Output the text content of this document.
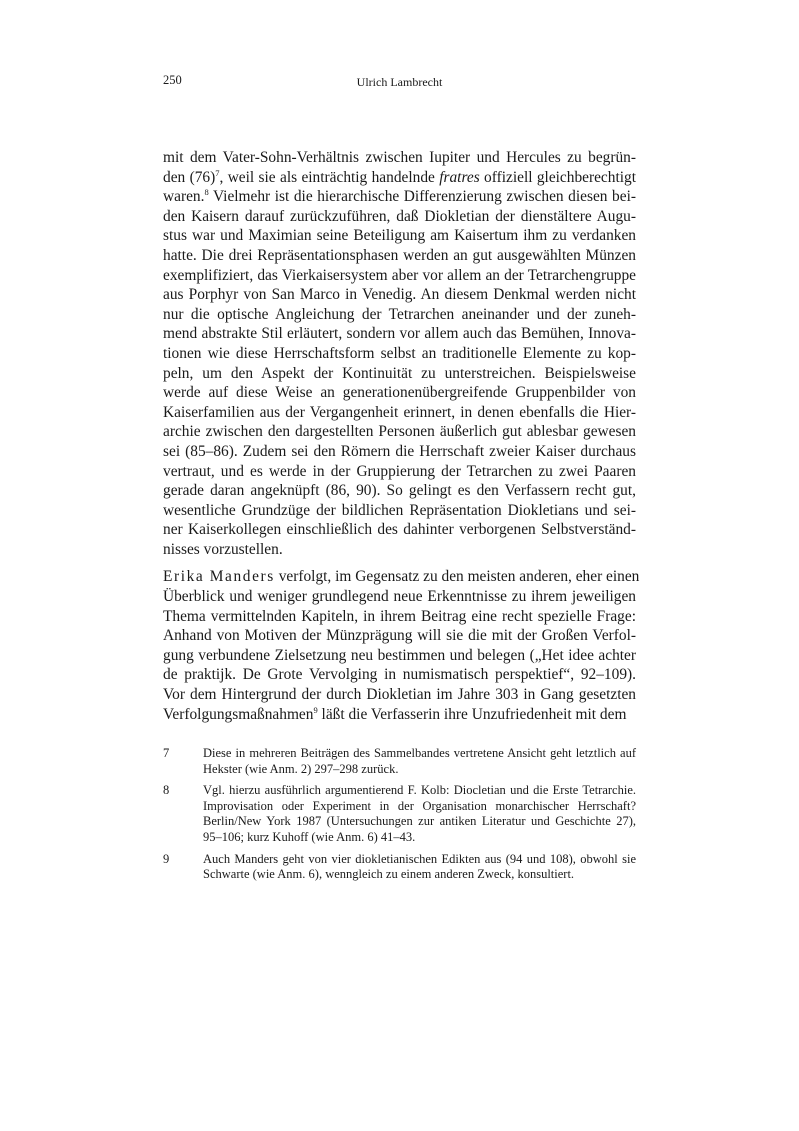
250	Ulrich Lambrecht
mit dem Vater-Sohn-Verhältnis zwischen Iupiter und Hercules zu begrün-
den $(76)^7$, weil sie als einträchtig handelnde fratres offiziell gleichberechtigt
waren.$^8$ Vielmehr ist die hierarchische Differenzierung zwischen diesen bei-
den Kaisern darauf zurückzuführen, daß Diokletian der dienstältere Augu-
stus war und Maximian seine Beteiligung am Kaisertum ihm zu verdanken
hatte. Die drei Repräsentationsphasen werden an gut ausgewählten Münzen
exemplifiziert, das Vierkaisersystem aber vor allem an der Tetrarchengruppe
aus Porphyr von San Marco in Venedig. An diesem Denkmal werden nicht
nur die optische Angleichung der Tetrarchen aneinander und der zuneh-
mend abstrakte Stil erläutert, sondern vor allem auch das Bemühen, Innova-
tionen wie diese Herrschaftsform selbst an traditionelle Elemente zu kop-
peln, um den Aspekt der Kontinuität zu unterstreichen. Beispielsweise
werde auf diese Weise an generationenübergreifende Gruppenbilder von
Kaiserfamilien aus der Vergangenheit erinnert, in denen ebenfalls die Hier-
archie zwischen den dargestellten Personen äußerlich gut ablesbar gewesen
sei (85–86). Zudem sei den Römern die Herrschaft zweier Kaiser durchaus
vertraut, und es werde in der Gruppierung der Tetrarchen zu zwei Paaren
gerade daran angeknüpft (86, 90). So gelingt es den Verfassern recht gut,
wesentliche Grundzüge der bildlichen Repräsentation Diokletians und sei-
ner Kaiserkollegen einschließlich des dahinter verborgenen Selbstverständ-
nisses vorzustellen.
Erika Manders verfolgt, im Gegensatz zu den meisten anderen, eher einen
Überblick und weniger grundlegend neue Erkenntnisse zu ihrem jeweiligen
Thema vermittelnden Kapiteln, in ihrem Beitrag eine recht spezielle Frage:
Anhand von Motiven der Münzprägung will sie die mit der Großen Verfol-
gung verbundene Zielsetzung neu bestimmen und belegen („Het idee achter
de praktijk. De Grote Vervolging in numismatisch perspektief“, 92–109).
Vor dem Hintergrund der durch Diokletian im Jahre 303 in Gang gesetzten
Verfolgungsmaßnahmen$^9$ läßt die Verfasserin ihre Unzufriedenheit mit dem
7	Diese in mehreren Beiträgen des Sammelbandes vertretene Ansicht geht letztlich auf
Hekster (wie Anm. 2) 297–298 zurück.
8	Vgl. hierzu ausführlich argumentierend F. Kolb: Diocletian und die Erste Tetrarchie.
Improvisation oder Experiment in der Organisation monarchischer Herrschaft?
Berlin/New York 1987 (Untersuchungen zur antiken Literatur und Geschichte 27),
95–106; kurz Kuhoff (wie Anm. 6) 41–43.
9	Auch Manders geht von vier diokletianischen Edikten aus (94 und 108), obwohl sie
Schwarte (wie Anm. 6), wenngleich zu einem anderen Zweck, konsultiert.
